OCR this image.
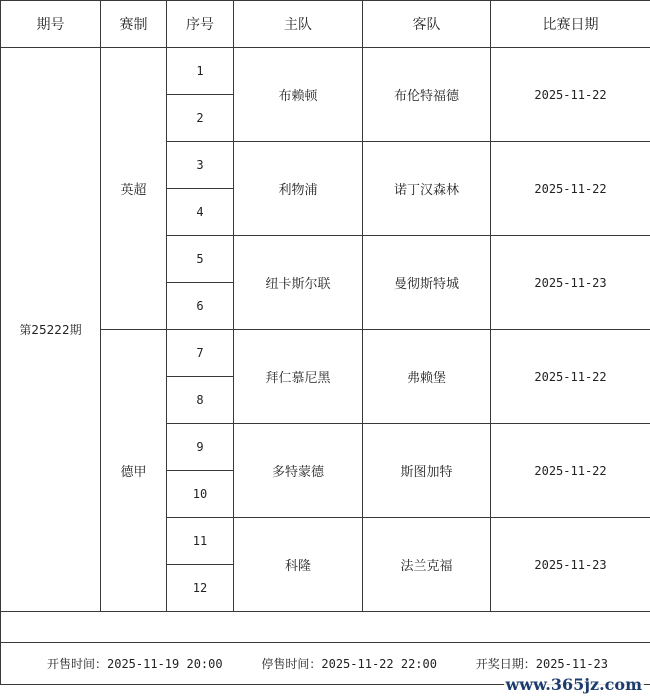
期号	赛制	序号	主队	客队	比赛日期
第25222期	英超	1	布赖顿	布伦特福德	2025-11-22
		2			
		3	利物浦	诺丁汉森林	2025-11-22
		4			
		5	纽卡斯尔联	曼彻斯特城	2025-11-23
		6			
	德甲	7	拜仁慕尼黑	弗赖堡	2025-11-22
		8			
		9	多特蒙德	斯图加特	2025-11-22
		10			
		11	科隆	法兰克福	2025-11-23
		12			

开售时间：2025-11-19 20:00 停售时间：2025-11-22 22:00 开奖日期：2025-11-23					
www.365jz.com
